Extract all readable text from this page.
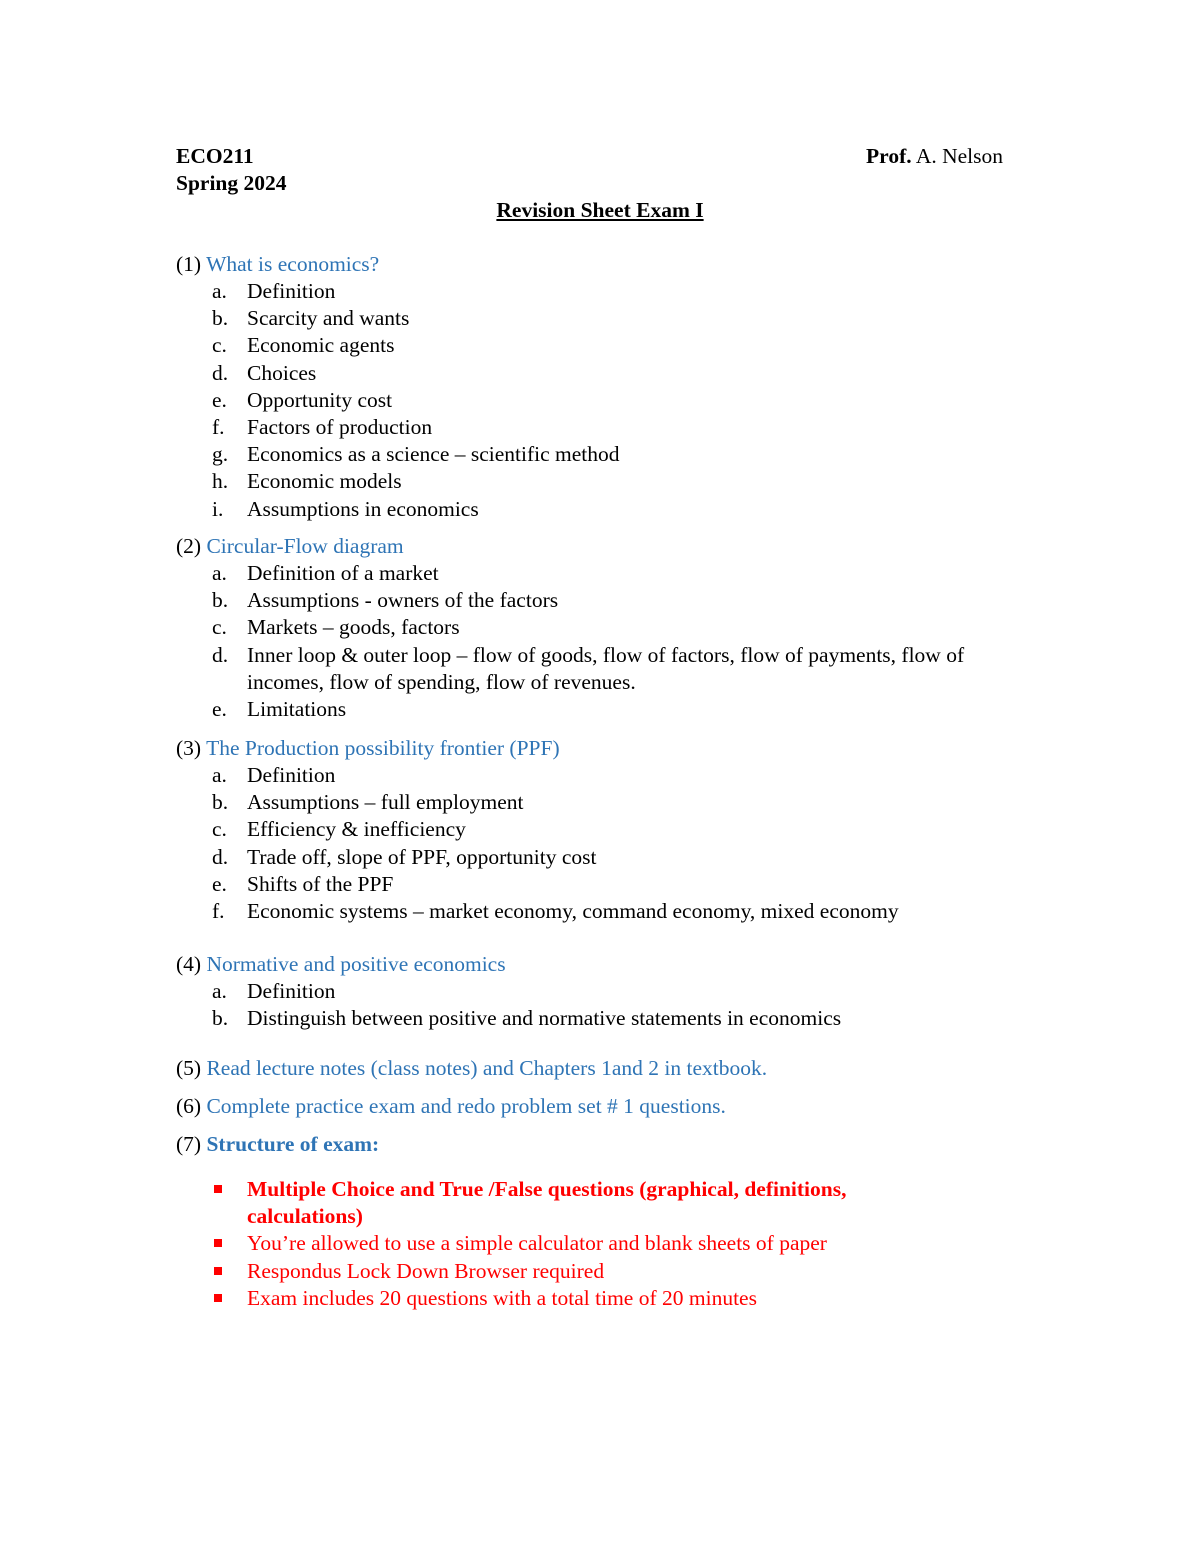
ECO211
Spring 2024
Prof. A. Nelson
Revision Sheet Exam I
(1) What is economics?
a. Definition
b. Scarcity and wants
c. Economic agents
d. Choices
e. Opportunity cost
f. Factors of production
g. Economics as a science – scientific method
h. Economic models
i. Assumptions in economics
(2) Circular-Flow diagram
a. Definition of a market
b. Assumptions - owners of the factors
c. Markets – goods, factors
d. Inner loop & outer loop – flow of goods, flow of factors, flow of payments, flow of incomes, flow of spending, flow of revenues.
e. Limitations
(3) The Production possibility frontier (PPF)
a. Definition
b. Assumptions – full employment
c. Efficiency & inefficiency
d. Trade off, slope of PPF, opportunity cost
e. Shifts of the PPF
f. Economic systems – market economy, command economy, mixed economy
(4) Normative and positive economics
a. Definition
b. Distinguish between positive and normative statements in economics
(5) Read lecture notes (class notes) and Chapters 1and 2 in textbook.
(6) Complete practice exam and redo problem set # 1 questions.
(7) Structure of exam:
Multiple Choice and True /False questions (graphical, definitions, calculations)
You’re allowed to use a simple calculator and blank sheets of paper
Respondus Lock Down Browser required
Exam includes 20 questions with a total time of 20 minutes
